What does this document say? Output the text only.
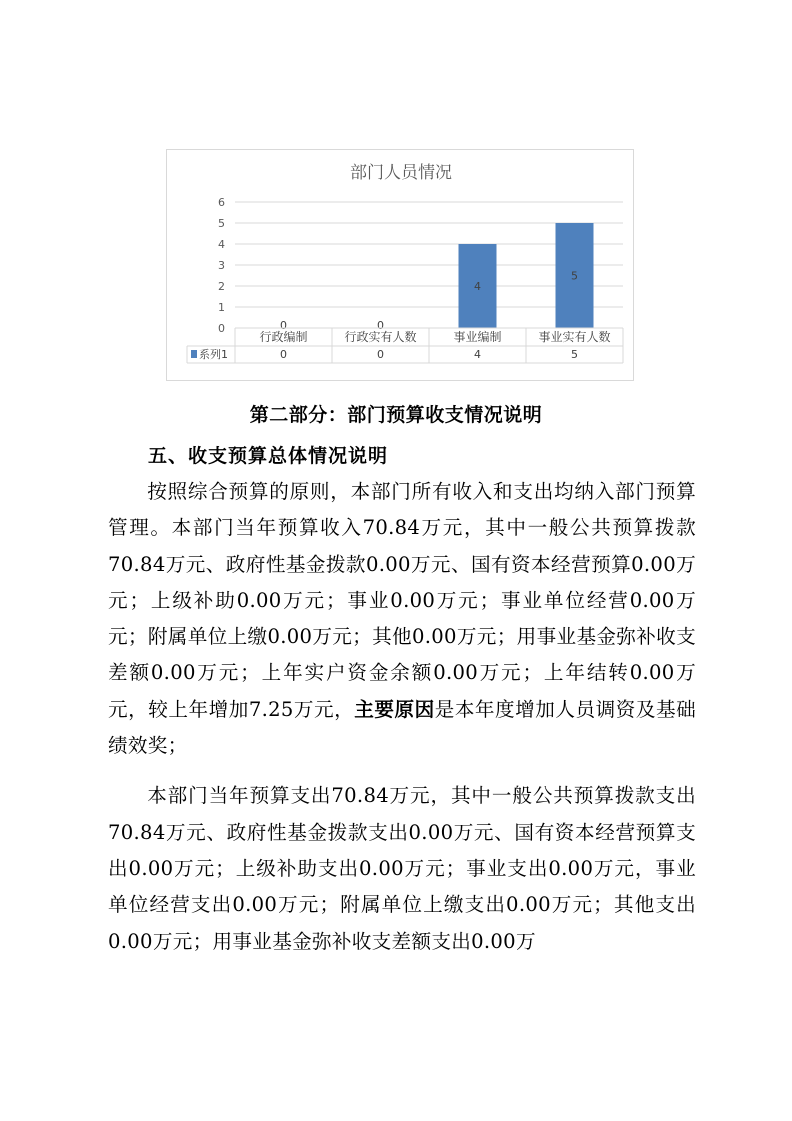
部门人员情况
0
1
2
3
4
5
6
0	0
4
5
行政编制
0
行政实有人数
0
事业编制
4
事业实有人数
5
系列1
第二部分：部门预算收支情况说明
五、收支预算总体情况说明

按照综合预算的原则，本部门所有收入和支出均纳入部门预算管理。本部门当年预算收入70.84万元，其中一般公共预算拨款70.84万元、政府性基金拨款0.00万元、国有资本经营预算0.00万元；上级补助0.00万元；事业0.00万元；事业单位经营0.00万元；附属单位上缴0.00万元；其他0.00万元；用事业基金弥补收支差额0.00万元；上年实户资金余额0.00万元；上年结转0.00万元，较上年增加7.25万元，主要原因是本年度增加人员调资及基础绩效奖；

本部门当年预算支出70.84万元，其中一般公共预算拨款支出70.84万元、政府性基金拨款支出0.00万元、国有资本经营预算支出0.00万元；上级补助支出0.00万元；事业支出0.00万元，事业单位经营支出0.00万元；附属单位上缴支出0.00万元；其他支出0.00万元；用事业基金弥补收支差额支出0.00万
